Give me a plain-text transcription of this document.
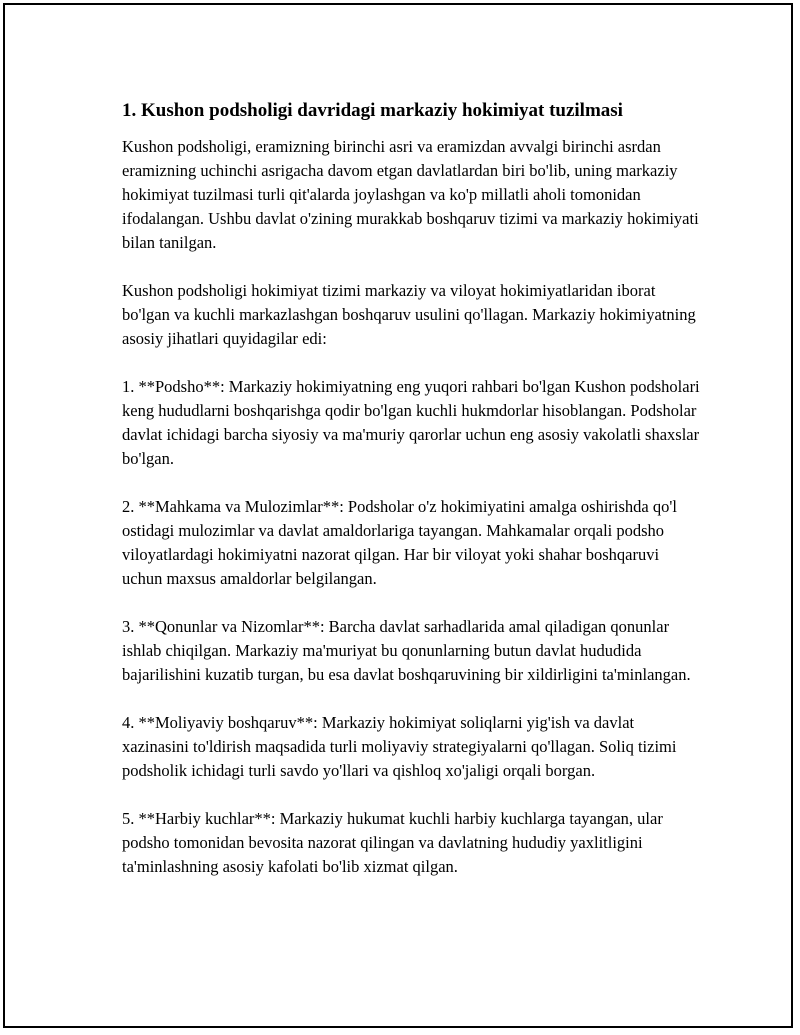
1. Kushon podsholigi davridagi markaziy hokimiyat tuzilmasi

Kushon podsholigi, eramizning birinchi asri va eramizdan avvalgi birinchi asrdan eramizning uchinchi asrigacha davom etgan davlatlardan biri bo'lib, uning markaziy hokimiyat tuzilmasi turli qit'alarda joylashgan va ko'p millatli aholi tomonidan ifodalangan. Ushbu davlat o'zining murakkab boshqaruv tizimi va markaziy hokimiyati bilan tanilgan.

Kushon podsholigi hokimiyat tizimi markaziy va viloyat hokimiyatlaridan iborat bo'lgan va kuchli markazlashgan boshqaruv usulini qo'llagan. Markaziy hokimiyatning asosiy jihatlari quyidagilar edi:

1. **Podsho**: Markaziy hokimiyatning eng yuqori rahbari bo'lgan Kushon podsholari keng hududlarni boshqarishga qodir bo'lgan kuchli hukmdorlar hisoblangan. Podsholar davlat ichidagi barcha siyosiy va ma'muriy qarorlar uchun eng asosiy vakolatli shaxslar bo'lgan.

2. **Mahkama va Mulozimlar**: Podsholar o'z hokimiyatini amalga oshirishda qo'l ostidagi mulozimlar va davlat amaldorlariga tayangan. Mahkamalar orqali podsho viloyatlardagi hokimiyatni nazorat qilgan. Har bir viloyat yoki shahar boshqaruvi uchun maxsus amaldorlar belgilangan.

3. **Qonunlar va Nizomlar**: Barcha davlat sarhadlarida amal qiladigan qonunlar ishlab chiqilgan. Markaziy ma'muriyat bu qonunlarning butun davlat hududida bajarilishini kuzatib turgan, bu esa davlat boshqaruvining bir xildirligini ta'minlangan.

4. **Moliyaviy boshqaruv**: Markaziy hokimiyat soliqlarni yig'ish va davlat xazinasini to'ldirish maqsadida turli moliyaviy strategiyalarni qo'llagan. Soliq tizimi podsholik ichidagi turli savdo yo'llari va qishloq xo'jaligi orqali borgan.

5. **Harbiy kuchlar**: Markaziy hukumat kuchli harbiy kuchlarga tayangan, ular podsho tomonidan bevosita nazorat qilingan va davlatning hududiy yaxlitligini ta'minlashning asosiy kafolati bo'lib xizmat qilgan.
